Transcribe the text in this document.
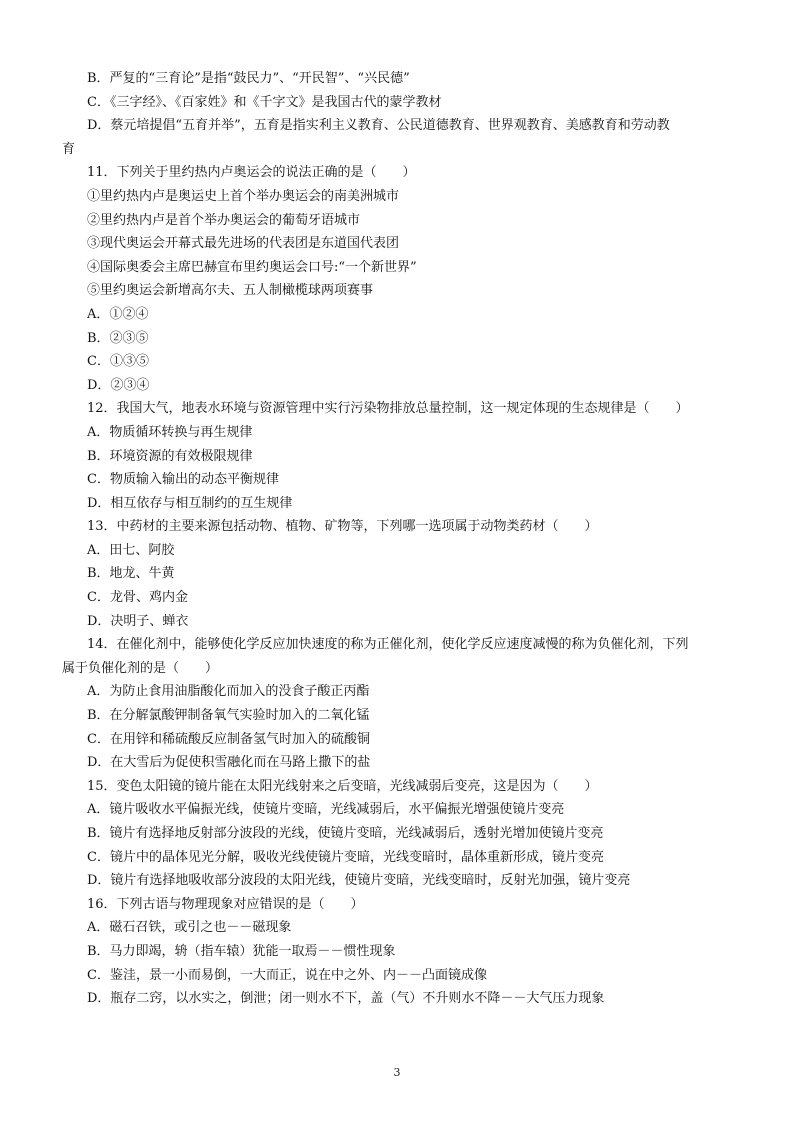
B．严复的“三育论”是指“鼓民力”、“开民智”、“兴民德”
C．《三字经》、《百家姓》和《千字文》是我国古代的蒙学教材
D．蔡元培提倡“五育并举”，五育是指实利主义教育、公民道德教育、世界观教育、美感教育和劳动教
育
11．下列关于里约热内卢奥运会的说法正确的是（　　）
①里约热内卢是奥运史上首个举办奥运会的南美洲城市
②里约热内卢是首个举办奥运会的葡萄牙语城市
③现代奥运会开幕式最先进场的代表团是东道国代表团
④国际奥委会主席巴赫宣布里约奥运会口号:“一个新世界”
⑤里约奥运会新增高尔夫、五人制橄榄球两项赛事
A．①②④
B．②③⑤
C．①③⑤
D．②③④
12．我国大气，地表水环境与资源管理中实行污染物排放总量控制，这一规定体现的生态规律是（　　）
A．物质循环转换与再生规律
B．环境资源的有效极限规律
C．物质输入输出的动态平衡规律
D．相互依存与相互制约的互生规律
13．中药材的主要来源包括动物、植物、矿物等，下列哪一选项属于动物类药材（　　）
A．田七、阿胶
B．地龙、牛黄
C．龙骨、鸡内金
D．决明子、蝉衣
14．在催化剂中，能够使化学反应加快速度的称为正催化剂，使化学反应速度减慢的称为负催化剂，下列
属于负催化剂的是（　　）
A．为防止食用油脂酸化而加入的没食子酸正丙酯
B．在分解氯酸钾制备氧气实验时加入的二氧化锰
C．在用锌和稀硫酸反应制备氢气时加入的硫酸铜
D．在大雪后为促使积雪融化而在马路上撒下的盐
15．变色太阳镜的镜片能在太阳光线射来之后变暗，光线减弱后变亮，这是因为（　　）
A．镜片吸收水平偏振光线，使镜片变暗，光线减弱后，水平偏振光增强使镜片变亮
B．镜片有选择地反射部分波段的光线，使镜片变暗，光线减弱后，透射光增加使镜片变亮
C．镜片中的晶体见光分解，吸收光线使镜片变暗，光线变暗时，晶体重新形成，镜片变亮
D．镜片有选择地吸收部分波段的太阳光线，使镜片变暗，光线变暗时，反射光加强，镜片变亮
16．下列古语与物理现象对应错误的是（　　）
A．磁石召铁，或引之也－－磁现象
B．马力即竭，辀（指车辕）犹能一取焉－－惯性现象
C．鉴洼，景一小而易倒，一大而正，说在中之外、内－－凸面镜成像
D．瓶存二窍，以水实之，倒泄；闭一则水不下，盖（气）不升则水不降－－大气压力现象
3
